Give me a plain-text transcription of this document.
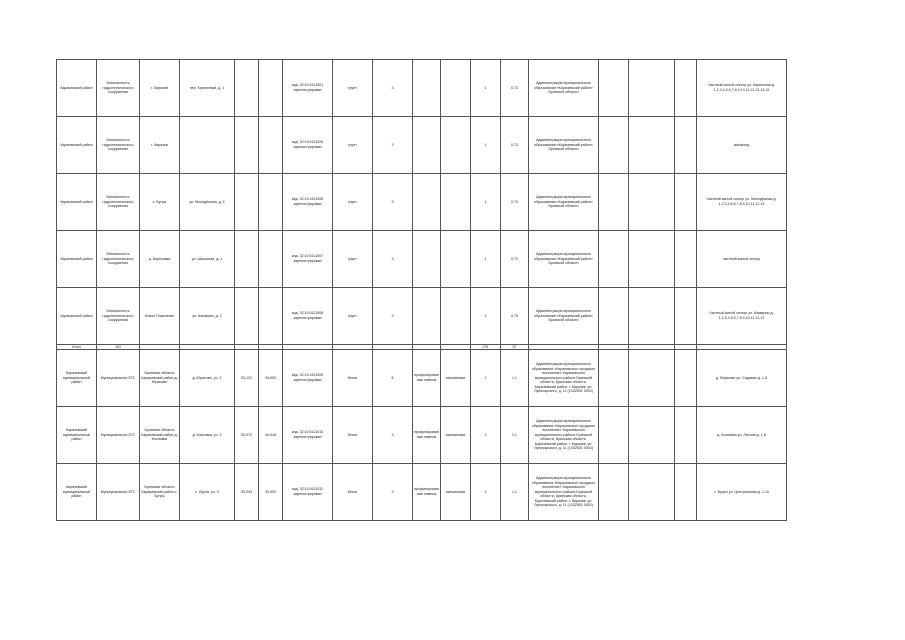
Карачевский район	Безопасность гидротехнического сооружения	г. Карачев	пер. Кирпичный, д. 1			кад. 32:10:0111001 зарегистрирован	грунт	3			1	0,72	Администрация муниципального образования «Карачевский район» Брянской области				Частный жилой сектор ул. Кирпичная д. 1,2,3,4,5,6,7,8,9,10,11,12,13,14,15
Карачевский район	Безопасность гидротехнического сооружения	г. Карачев				кад. 32:10:0111005 зарегистрирован	грунт	3			1	0,72	Администрация муниципального образования «Карачевский район» Брянской области				жилфонд
Карачевский район	Безопасность гидротехнического сооружения	с. Бугры	ул. Молодёжная, д. 2			кад. 32:10:0111006 зарегистрирован	грунт	3			1	0,72	Администрация муниципального образования «Карачевский район» Брянской области				Частный жилой сектор ул. Молодёжная д. 1,2,3,4,5,6,7,8,9,10,11,12,13
Карачевский район	Безопасность гидротехнического сооружения	д. Берёзовка	ул. Школьная, д. 1			кад. 32:10:0111007 зарегистрирован	грунт	3			1	0,72	Администрация муниципального образования «Карачевский район» Брянской области				частный жилой сектор
Карачевский район	Безопасность гидротехнического сооружения	Новое Поколение	ул. Коммуны, д. 2			кад. 32:10:0111008 зарегистрирован	грунт	3			2	0,75	Администрация муниципального образования «Карачевский район» Брянской области				Частный жилой сектор ул. Коммуны д. 1,2,3,4,5,6,7,8,9,10,11,12,13
Итого	163										276	87					
Карачевский муниципальный район	Муниципальное ЕГС	Брянская область Карачевский район д. Юрасово	д. Юрасово, уч. 2	53,121	34,953	кад. 32:10:0111009 зарегистрирован	бетон	6	профилированные навесы	смешанные	2	1,1	Администрация муниципального образования «Карачевское городское поселение» Карачевского муниципального района Брянской области, Брянская область, Карачевский район, г. Карачев, ул. Луначарского, д. 11 (1032501 0002)				д. Юрасово ул. Садовая д. 1-6
Карачевский муниципальный район	Муниципальное ЕГС	Брянская область Карачевский район д. Козловка	д. Козловка, уч. 2	53,072	34,918	кад. 32:10:0111010 зарегистрирован	бетон	3	профилированные навесы	смешанные	2	1,1	Администрация муниципального образования «Карачевское городское поселение» Карачевского муниципального района Брянской области, Брянская область, Карачевский район, г. Карачев, ул. Луначарского, д. 11 (1032501 0002)				д. Козловка ул. Лесная д. 1-8
Карачевский муниципальный район	Муниципальное ЕГС	Брянская область Карачевский район с. Бугры	с. Бугры, уч. 3	53,043	34,902	кад. 32:10:0111011 зарегистрирован	бетон	3	профилированные навесы	смешанные	2	1,1	Администрация муниципального образования «Карачевское городское поселение» Карачевского муниципального района Брянской области, Брянская область, Карачевский район, г. Карачев, ул. Луначарского, д. 11 (1032501 0002)				с. Бугры ул. Центральная д. 1-10
